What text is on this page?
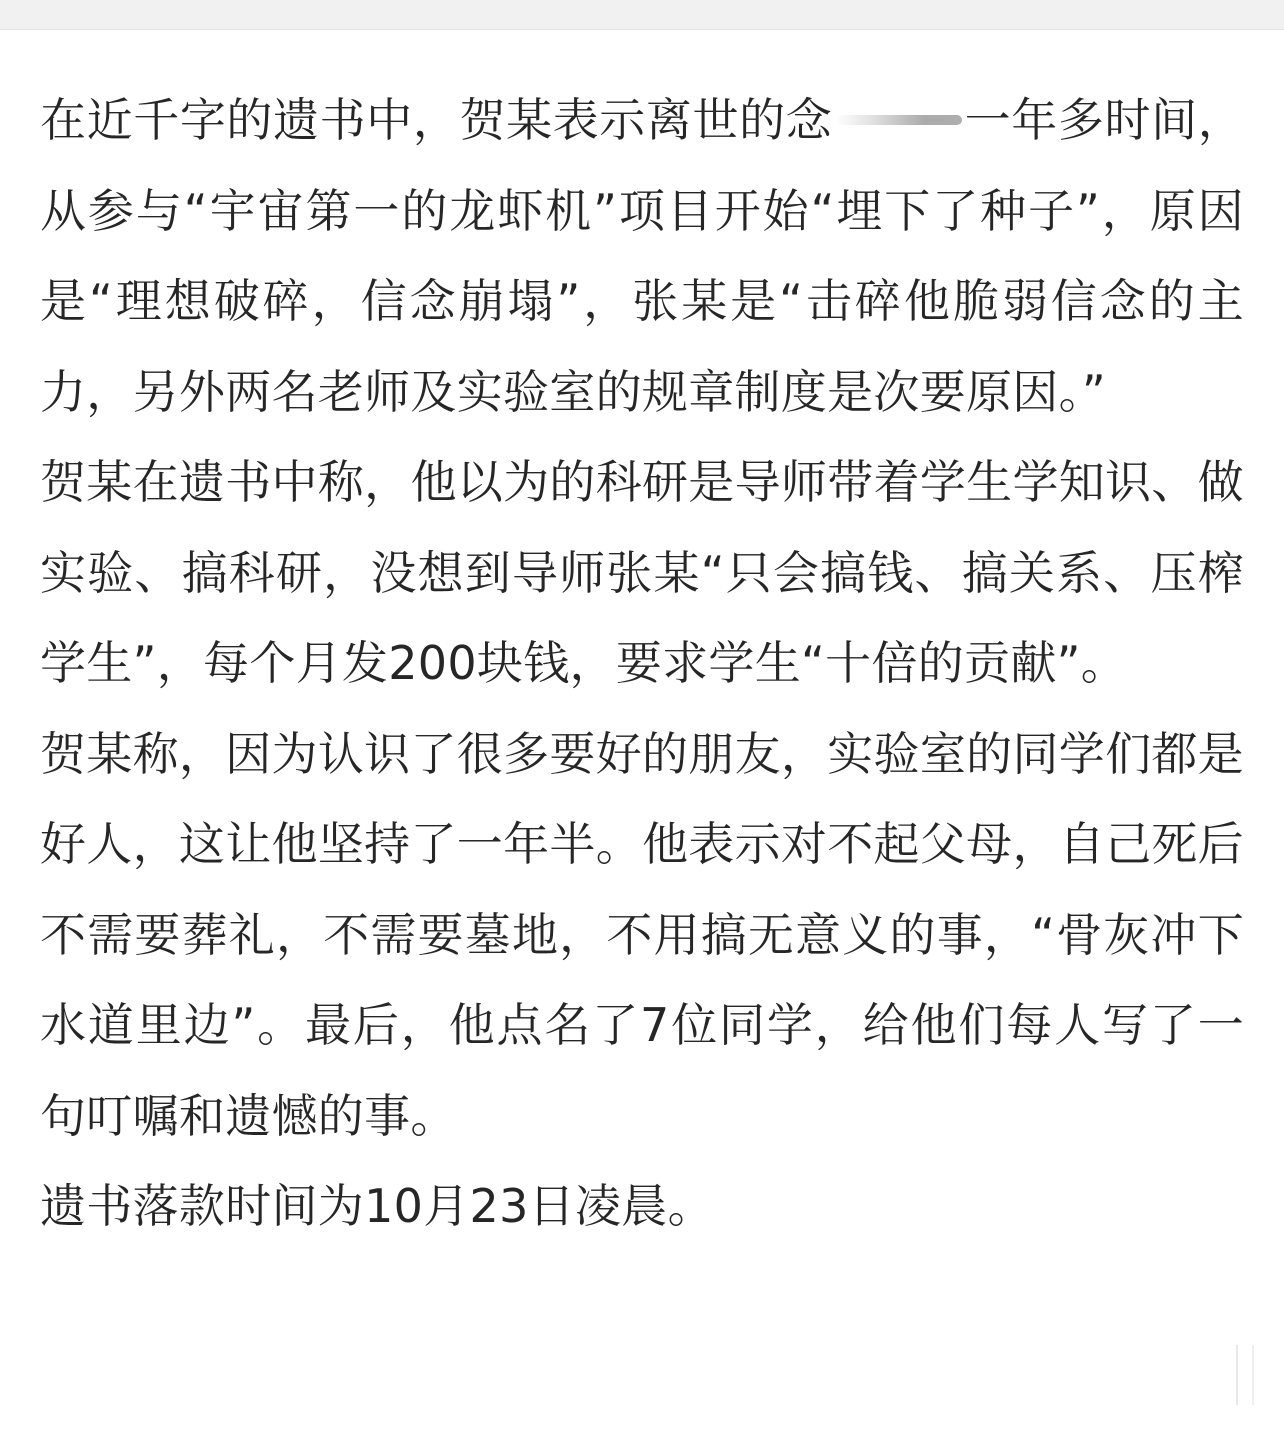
在近千字的遗书中，贺某表示离世的念	一年多时间，从参与“宇宙第一的龙虾机”项目开始“埋下了种子”，原因是“理想破碎，信念崩塌”，张某是“击碎他脆弱信念的主力，另外两名老师及实验室的规章制度是次要原因。”

贺某在遗书中称，他以为的科研是导师带着学生学知识、做实验、搞科研，没想到导师张某“只会搞钱、搞关系、压榨学生”，每个月发200块钱，要求学生“十倍的贡献”。

贺某称，因为认识了很多要好的朋友，实验室的同学们都是好人，这让他坚持了一年半。他表示对不起父母，自己死后不需要葬礼，不需要墓地，不用搞无意义的事，“骨灰冲下水道里边”。最后，他点名了7位同学，给他们每人写了一句叮嘱和遗憾的事。

遗书落款时间为10月23日凌晨。
